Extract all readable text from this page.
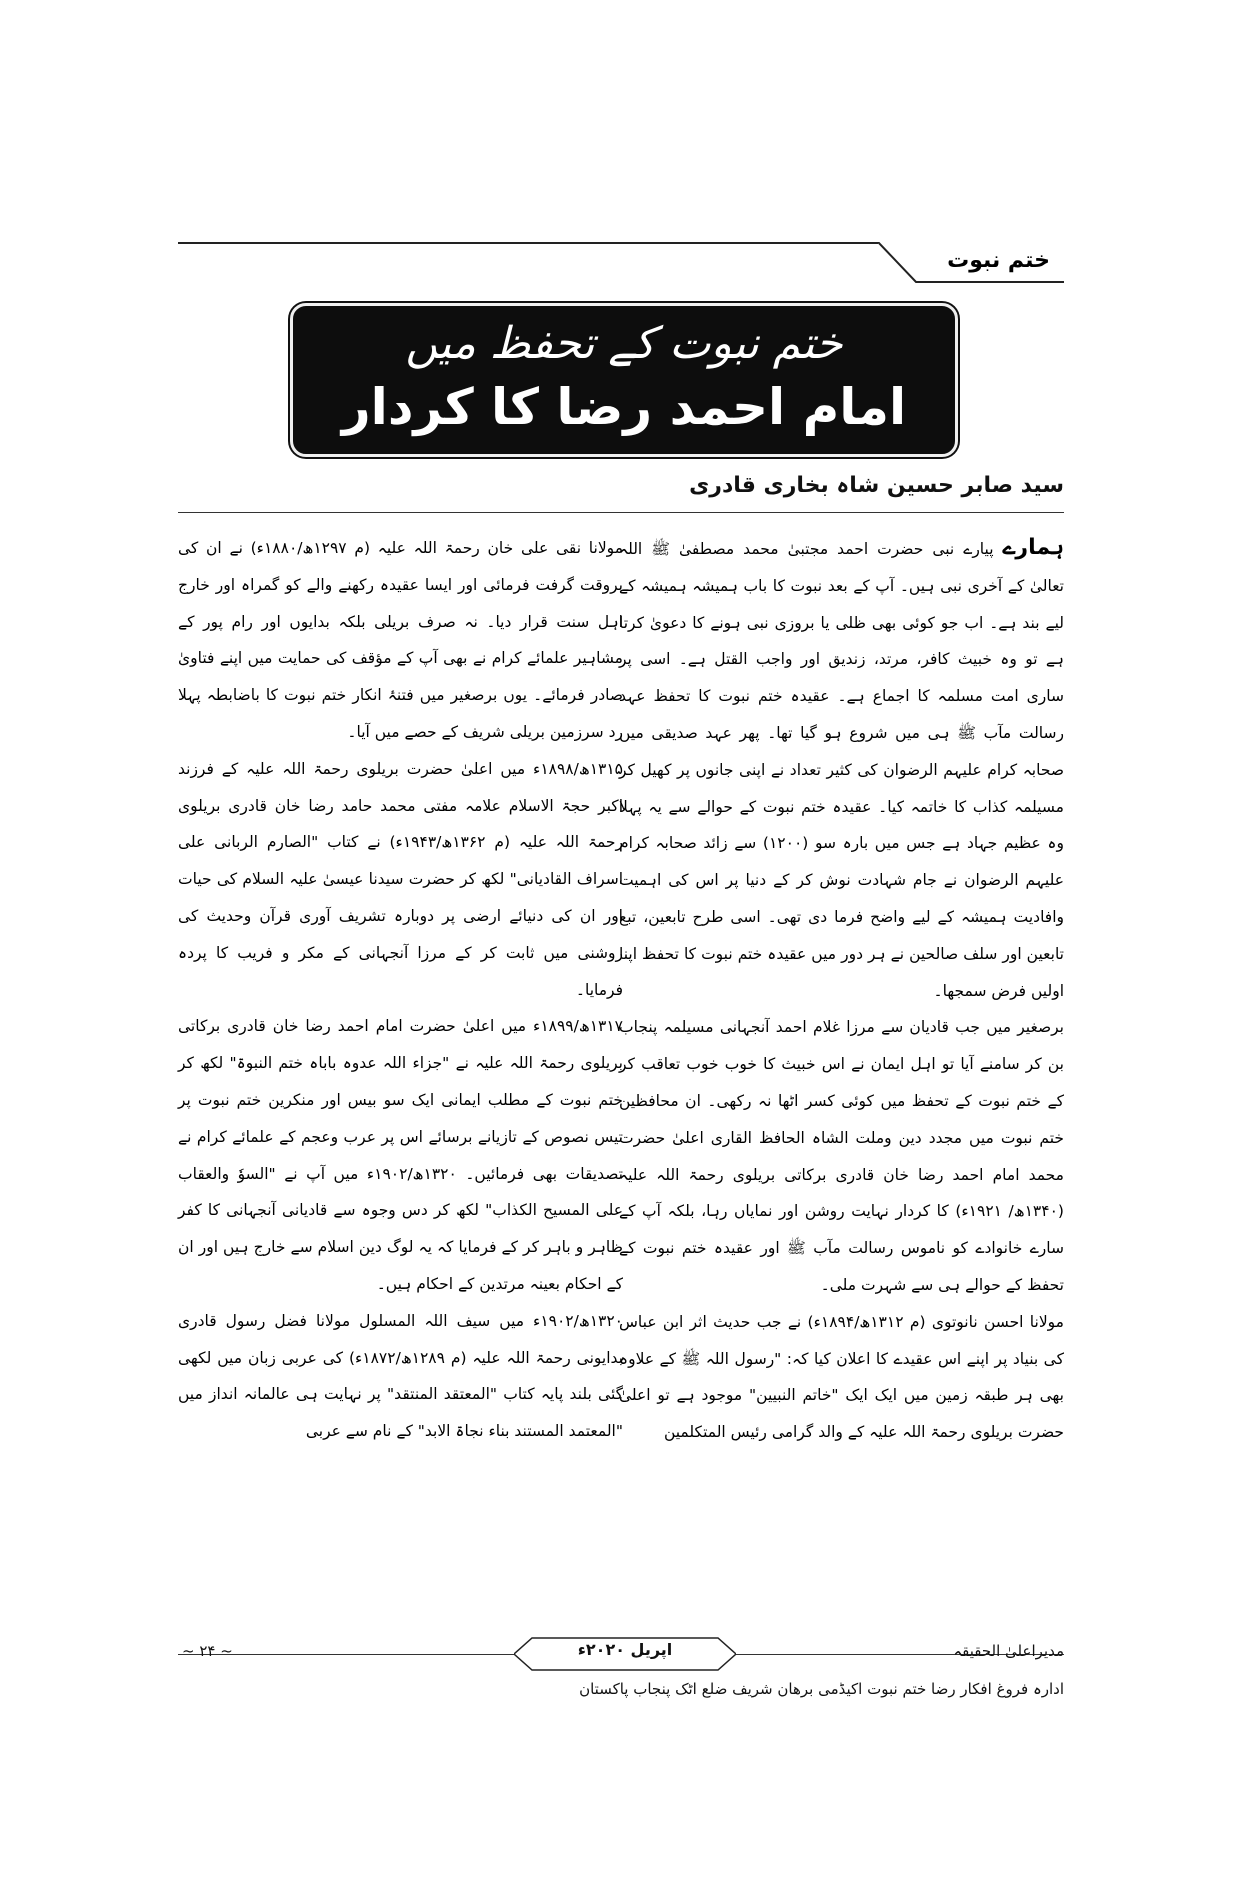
ختم نبوت
ختم نبوت کے تحفظ میں
امام احمد رضا کا کردار
سید صابر حسین شاہ بخاری قادری

ہمارے پیارے نبی حضرت احمد مجتبیٰ محمد مصطفیٰ ﷺ اللہ تعالیٰ کے آخری نبی ہیں۔ آپ کے بعد نبوت کا باب ہمیشہ ہمیشہ کے لیے بند ہے۔ اب جو کوئی بھی ظلی یا بروزی نبی ہونے کا دعویٰ کرتا ہے تو وہ خبیث کافر، مرتد، زندیق اور واجب القتل ہے۔ اسی پر ساری امت مسلمہ کا اجماع ہے۔ عقیدہ ختم نبوت کا تحفظ عہد رسالت مآب ﷺ ہی میں شروع ہو گیا تھا۔ پھر عہد صدیقی میں صحابہ کرام علیہم الرضوان کی کثیر تعداد نے اپنی جانوں پر کھیل کر مسیلمہ کذاب کا خاتمہ کیا۔ عقیدہ ختم نبوت کے حوالے سے یہ پہلا وہ عظیم جہاد ہے جس میں بارہ سو (۱۲۰۰) سے زائد صحابہ کرام علیہم الرضوان نے جام شہادت نوش کر کے دنیا پر اس کی اہمیت وافادیت ہمیشہ کے لیے واضح فرما دی تھی۔ اسی طرح تابعین، تبع تابعین اور سلف صالحین نے ہر دور میں عقیدہ ختم نبوت کا تحفظ اپنا اولیں فرض سمجھا۔

برصغیر میں جب قادیان سے مرزا غلام احمد آنجہانی مسیلمہ پنجاب بن کر سامنے آیا تو اہل ایمان نے اس خبیث کا خوب خوب تعاقب کر کے ختم نبوت کے تحفظ میں کوئی کسر اٹھا نہ رکھی۔ ان محافظین ختم نبوت میں مجدد دین وملت الشاہ الحافظ القاری اعلیٰ حضرت محمد امام احمد رضا خان قادری برکاتی بریلوی رحمۃ اللہ علیہ (۱۳۴۰ھ/ ۱۹۲۱ء) کا کردار نہایت روشن اور نمایاں رہا، بلکہ آپ کے سارے خانوادے کو ناموس رسالت مآب ﷺ اور عقیدہ ختم نبوت کے تحفظ کے حوالے ہی سے شہرت ملی۔

مولانا احسن نانوتوی (م ۱۳۱۲ھ/۱۸۹۴ء) نے جب حدیث اثر ابن عباس کی بنیاد پر اپنے اس عقیدے کا اعلان کیا کہ: "رسول اللہ ﷺ کے علاوہ بھی ہر طبقہ زمین میں ایک ایک "خاتم النبیین" موجود ہے تو اعلیٰ حضرت بریلوی رحمۃ اللہ علیہ کے والد گرامی رئیس المتکلمین

مولانا نقی علی خان رحمۃ اللہ علیہ (م ۱۲۹۷ھ/۱۸۸۰ء) نے ان کی بروقت گرفت فرمائی اور ایسا عقیدہ رکھنے والے کو گمراہ اور خارج اہل سنت قرار دیا۔ نہ صرف بریلی بلکہ بدایوں اور رام پور کے مشاہیر علمائے کرام نے بھی آپ کے مؤقف کی حمایت میں اپنے فتاویٰ صادر فرمائے۔ یوں برصغیر میں فتنۂ انکار ختم نبوت کا باضابطہ پہلا رد سرزمین بریلی شریف کے حصے میں آیا۔

۱۳۱۵ھ/۱۸۹۸ء میں اعلیٰ حضرت بریلوی رحمۃ اللہ علیہ کے فرزند اکبر حجۃ الاسلام علامہ مفتی محمد حامد رضا خان قادری بریلوی رحمۃ اللہ علیہ (م ۱۳۶۲ھ/۱۹۴۳ء) نے کتاب "الصارم الربانی علی اسراف القادیانی" لکھ کر حضرت سیدنا عیسیٰ علیہ السلام کی حیات اور ان کی دنیائے ارضی پر دوبارہ تشریف آوری قرآن وحدیث کی روشنی میں ثابت کر کے مرزا آنجہانی کے مکر و فریب کا پردہ فرمایا۔

۱۳۱۷ھ/۱۸۹۹ء میں اعلیٰ حضرت امام احمد رضا خان قادری برکاتی بریلوی رحمۃ اللہ علیہ نے "جزاء اللہ عدوہ باباہ ختم النبوۃ" لکھ کر ختم نبوت کے مطلب ایمانی ایک سو بیس اور منکرین ختم نبوت پر تیس نصوص کے تازیانے برسائے اس پر عرب وعجم کے علمائے کرام نے تصدیقات بھی فرمائیں۔ ۱۳۲۰ھ/۱۹۰۲ء میں آپ نے "السوٗ والعقاب علی المسیح الکذاب" لکھ کر دس وجوہ سے قادیانی آنجہانی کا کفر ظاہر و باہر کر کے فرمایا کہ یہ لوگ دین اسلام سے خارج ہیں اور ان کے احکام بعینہ مرتدین کے احکام ہیں۔

۱۳۲۰ھ/۱۹۰۲ء میں سیف اللہ المسلول مولانا فضل رسول قادری بدایونی رحمۃ اللہ علیہ (م ۱۲۸۹ھ/۱۸۷۲ء) کی عربی زبان میں لکھی گئی بلند پایہ کتاب "المعتقد المنتقد" پر نہایت ہی عالمانہ انداز میں "المعتمد المستند بناء نجاۃ الابد" کے نام سے عربی

~ ۲۴ ~	اپریل ۲۰۲۰ء	مدیراعلیٰ الحقیقہ
ادارہ فروغ افکار رضا ختم نبوت اکیڈمی برھان شریف ضلع اٹک پنجاب پاکستان
